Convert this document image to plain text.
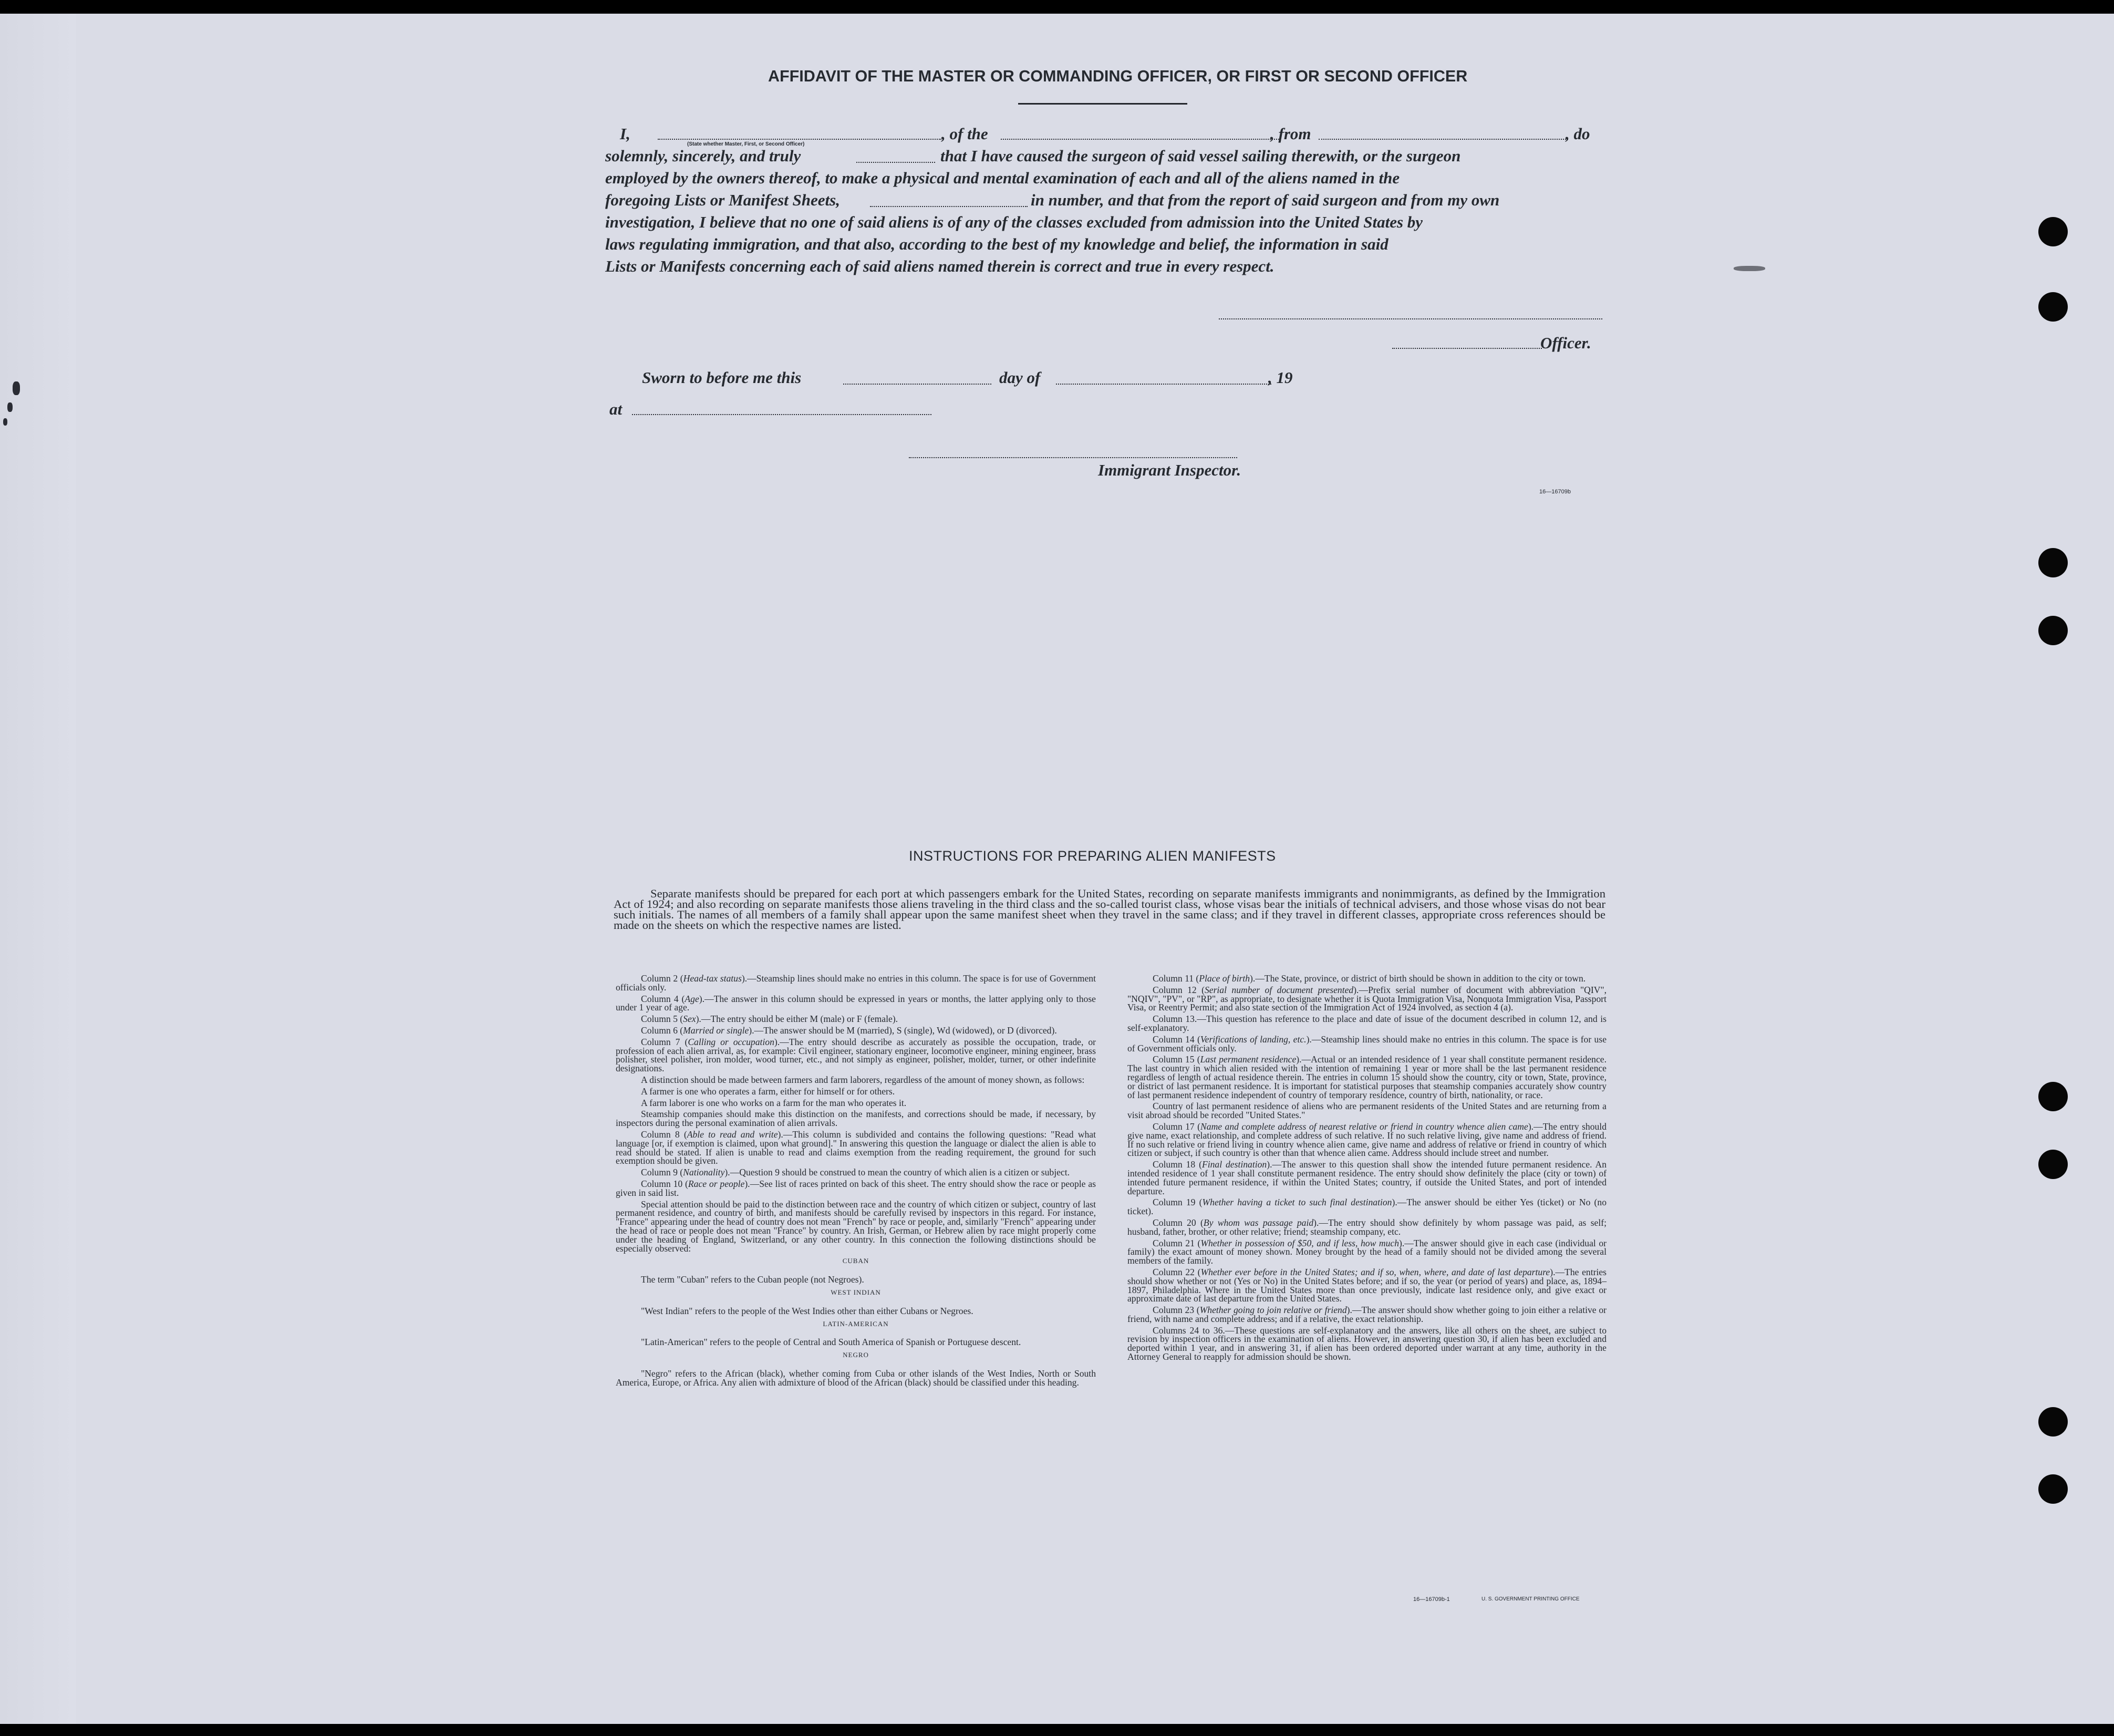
AFFIDAVIT OF THE MASTER OR COMMANDING OFFICER, OR FIRST OR SECOND OFFICER
I,	, of the	, from	, do
(State whether Master, First, or Second Officer)
solemnly, sincerely, and truly	that I have caused the surgeon of said vessel sailing therewith, or the surgeon
employed by the owners thereof, to make a physical and mental examination of each and all of the aliens named in the
foregoing Lists or Manifest Sheets,	in number, and that from the report of said surgeon and from my own
investigation, I believe that no one of said aliens is of any of the classes excluded from admission into the United States by
laws regulating immigration, and that also, according to the best of my knowledge and belief, the information in said
Lists or Manifests concerning each of said aliens named therein is correct and true in every respect.
Officer.
Sworn to before me this	day of	, 19
at
Immigrant Inspector.
16—16709b
INSTRUCTIONS FOR PREPARING ALIEN MANIFESTS
Separate manifests should be prepared for each port at which passengers embark for the United States, recording on separate manifests immigrants and nonimmigrants, as defined by the Immigration Act of 1924; and also recording on separate manifests those aliens traveling in the third class and the so-called tourist class, whose visas bear the initials of technical advisers, and those whose visas do not bear such initials. The names of all members of a family shall appear upon the same manifest sheet when they travel in the same class; and if they travel in different classes, appropriate cross references should be made on the sheets on which the respective names are listed.

Column 2 (Head-tax status).—Steamship lines should make no entries in this column. The space is for use of Government officials only.

Column 4 (Age).—The answer in this column should be expressed in years or months, the latter applying only to those under 1 year of age.

Column 5 (Sex).—The entry should be either M (male) or F (female).

Column 6 (Married or single).—The answer should be M (married), S (single), Wd (widowed), or D (divorced).

Column 7 (Calling or occupation).—The entry should describe as accurately as possible the occupation, trade, or profession of each alien arrival, as, for example: Civil engineer, stationary engineer, locomotive engineer, mining engineer, brass polisher, steel polisher, iron molder, wood turner, etc., and not simply as engineer, polisher, molder, turner, or other indefinite designations.

A distinction should be made between farmers and farm laborers, regardless of the amount of money shown, as follows:

A farmer is one who operates a farm, either for himself or for others.

A farm laborer is one who works on a farm for the man who operates it.

Steamship companies should make this distinction on the manifests, and corrections should be made, if necessary, by inspectors during the personal examination of alien arrivals.

Column 8 (Able to read and write).—This column is subdivided and contains the following questions: "Read what language [or, if exemption is claimed, upon what ground]." In answering this question the language or dialect the alien is able to read should be stated. If alien is unable to read and claims exemption from the reading requirement, the ground for such exemption should be given.

Column 9 (Nationality).—Question 9 should be construed to mean the country of which alien is a citizen or subject.

Column 10 (Race or people).—See list of races printed on back of this sheet. The entry should show the race or people as given in said list.

Special attention should be paid to the distinction between race and the country of which citizen or subject, country of last permanent residence, and country of birth, and manifests should be carefully revised by inspectors in this regard. For instance, "France" appearing under the head of country does not mean "French" by race or people, and, similarly "French" appearing under the head of race or people does not mean "France" by country. An Irish, German, or Hebrew alien by race might properly come under the heading of England, Switzerland, or any other country. In this connection the following distinctions should be especially observed:

CUBAN

The term "Cuban" refers to the Cuban people (not Negroes).

WEST INDIAN

"West Indian" refers to the people of the West Indies other than either Cubans or Negroes.

LATIN-AMERICAN

"Latin-American" refers to the people of Central and South America of Spanish or Portuguese descent.

NEGRO

"Negro" refers to the African (black), whether coming from Cuba or other islands of the West Indies, North or South America, Europe, or Africa. Any alien with admixture of blood of the African (black) should be classified under this heading.

Column 11 (Place of birth).—The State, province, or district of birth should be shown in addition to the city or town.

Column 12 (Serial number of document presented).—Prefix serial number of document with abbreviation "QIV", "NQIV", "PV", or "RP", as appropriate, to designate whether it is Quota Immigration Visa, Nonquota Immigration Visa, Passport Visa, or Reentry Permit; and also state section of the Immigration Act of 1924 involved, as section 4 (a).

Column 13.—This question has reference to the place and date of issue of the document described in column 12, and is self-explanatory.

Column 14 (Verifications of landing, etc.).—Steamship lines should make no entries in this column. The space is for use of Government officials only.

Column 15 (Last permanent residence).—Actual or an intended residence of 1 year shall constitute permanent residence. The last country in which alien resided with the intention of remaining 1 year or more shall be the last permanent residence regardless of length of actual residence therein. The entries in column 15 should show the country, city or town, State, province, or district of last permanent residence. It is important for statistical purposes that steamship companies accurately show country of last permanent residence independent of country of temporary residence, country of birth, nationality, or race.

Country of last permanent residence of aliens who are permanent residents of the United States and are returning from a visit abroad should be recorded "United States."

Column 17 (Name and complete address of nearest relative or friend in country whence alien came).—The entry should give name, exact relationship, and complete address of such relative. If no such relative living, give name and address of friend. If no such relative or friend living in country whence alien came, give name and address of relative or friend in country of which citizen or subject, if such country is other than that whence alien came. Address should include street and number.

Column 18 (Final destination).—The answer to this question shall show the intended future permanent residence. An intended residence of 1 year shall constitute permanent residence. The entry should show definitely the place (city or town) of intended future permanent residence, if within the United States; country, if outside the United States, and port of intended departure.

Column 19 (Whether having a ticket to such final destination).—The answer should be either Yes (ticket) or No (no ticket).

Column 20 (By whom was passage paid).—The entry should show definitely by whom passage was paid, as self; husband, father, brother, or other relative; friend; steamship company, etc.

Column 21 (Whether in possession of $50, and if less, how much).—The answer should give in each case (individual or family) the exact amount of money shown. Money brought by the head of a family should not be divided among the several members of the family.

Column 22 (Whether ever before in the United States; and if so, when, where, and date of last departure).—The entries should show whether or not (Yes or No) in the United States before; and if so, the year (or period of years) and place, as, 1894–1897, Philadelphia. Where in the United States more than once previously, indicate last residence only, and give exact or approximate date of last departure from the United States.

Column 23 (Whether going to join relative or friend).—The answer should show whether going to join either a relative or friend, with name and complete address; and if a relative, the exact relationship.

Columns 24 to 36.—These questions are self-explanatory and the answers, like all others on the sheet, are subject to revision by inspection officers in the examination of aliens. However, in answering question 30, if alien has been excluded and deported within 1 year, and in answering 31, if alien has been ordered deported under warrant at any time, authority in the Attorney General to reapply for admission should be shown.

16—16709b-1	U. S. GOVERNMENT PRINTING OFFICE
